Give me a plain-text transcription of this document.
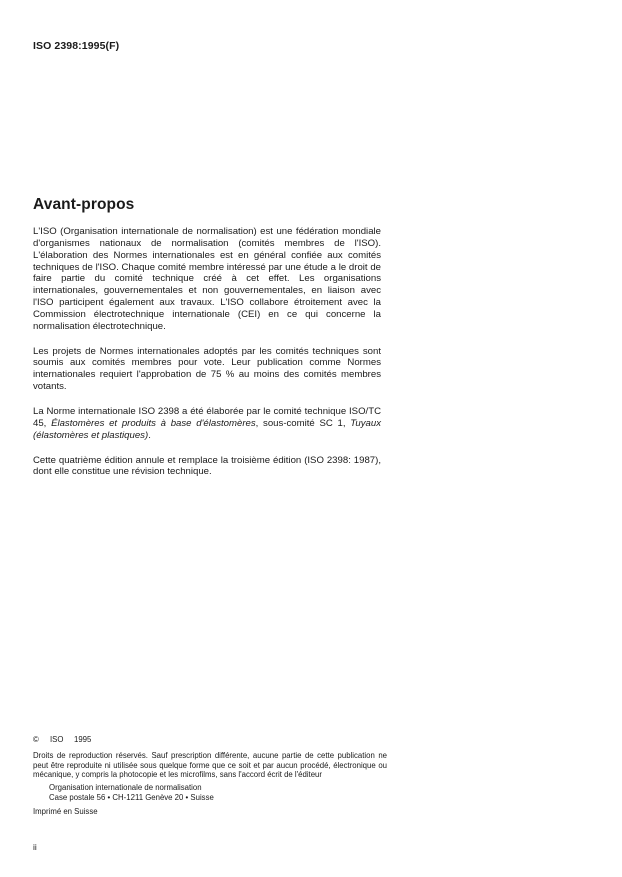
ISO 2398:1995(F)
Avant-propos

L'ISO (Organisation internationale de normalisation) est une fédération mondiale d'organismes nationaux de normalisation (comités membres de l'ISO). L'élaboration des Normes internationales est en général confiée aux comités techniques de l'ISO. Chaque comité membre intéressé par une étude a le droit de faire partie du comité technique créé à cet effet. Les organisations internationales, gouvernementales et non gouvernementales, en liaison avec l'ISO participent également aux travaux. L'ISO collabore étroitement avec la Commission électrotechnique internationale (CEI) en ce qui concerne la normalisation électrotechnique.

Les projets de Normes internationales adoptés par les comités techniques sont soumis aux comités membres pour vote. Leur publication comme Normes internationales requiert l'approbation de 75 % au moins des comités membres votants.

La Norme internationale ISO 2398 a été élaborée par le comité technique ISO/TC 45, Élastomères et produits à base d'élastomères, sous-comité SC 1, Tuyaux (élastomères et plastiques).

Cette quatrième édition annule et remplace la troisième édition (ISO 2398: 1987), dont elle constitue une révision technique.

© ISO 1995
Droits de reproduction réservés. Sauf prescription différente, aucune partie de cette publication ne peut être reproduite ni utilisée sous quelque forme que ce soit et par aucun procédé, électronique ou mécanique, y compris la photocopie et les microfilms, sans l'accord écrit de l'éditeur
Organisation internationale de normalisation
Case postale 56 • CH-1211 Genève 20 • Suisse
Imprimé en Suisse
ii
